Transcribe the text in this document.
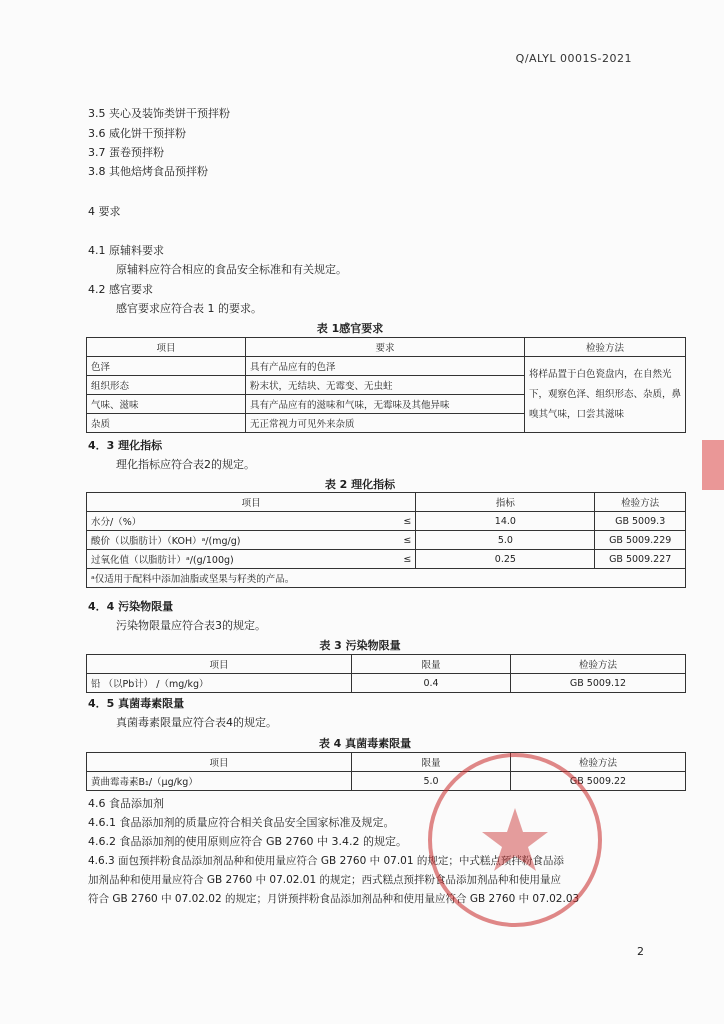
Q/ALYL 0001S-2021
3.5 夹心及装饰类饼干预拌粉
3.6 威化饼干预拌粉
3.7 蛋卷预拌粉
3.8 其他焙烤食品预拌粉
4 要求
4.1 原辅料要求
原辅料应符合相应的食品安全标准和有关规定。
4.2 感官要求
感官要求应符合表 1 的要求。
表 1感官要求
项目	要求	检验方法
色泽	具有产品应有的色泽	将样品置于白色瓷盘内，在自然光下，观察色泽、组织形态、杂质，鼻嗅其气味，口尝其滋味
组织形态	粉末状，无结块、无霉变、无虫蛀	
气味、滋味	具有产品应有的滋味和气味，无霉味及其他异味	
杂质	无正常视力可见外来杂质	
4．3 理化指标
理化指标应符合表2的规定。
表 2 理化指标
项目		指标	检验方法
水分/（%）	≤	14.0	GB 5009.3
酸价（以脂肪计）（KOH）ᵃ/(mg/g)	≤	5.0	GB 5009.229
过氧化值（以脂肪计）ᵃ/(g/100g)	≤	0.25	GB 5009.227
ᵃ仅适用于配料中添加油脂或坚果与籽类的产品。			
4．4 污染物限量
污染物限量应符合表3的规定。
表 3 污染物限量
项目	限量	检验方法
铅 （以Pb计） /（mg/kg）	0.4	GB 5009.12
4．5 真菌毒素限量
真菌毒素限量应符合表4的规定。
表 4 真菌毒素限量
项目	限量	检验方法
黄曲霉毒素B₁/（μg/kg）	5.0	GB 5009.22
4.6 食品添加剂
4.6.1 食品添加剂的质量应符合相关食品安全国家标准及规定。
4.6.2 食品添加剂的使用原则应符合 GB 2760 中 3.4.2 的规定。
4.6.3 面包预拌粉食品添加剂品种和使用量应符合 GB 2760 中 07.01 的规定；中式糕点预拌粉食品添
加剂品种和使用量应符合 GB 2760 中 07.02.01 的规定；西式糕点预拌粉食品添加剂品种和使用量应
符合 GB 2760 中 07.02.02 的规定；月饼预拌粉食品添加剂品种和使用量应符合 GB 2760 中 07.02.03
2
